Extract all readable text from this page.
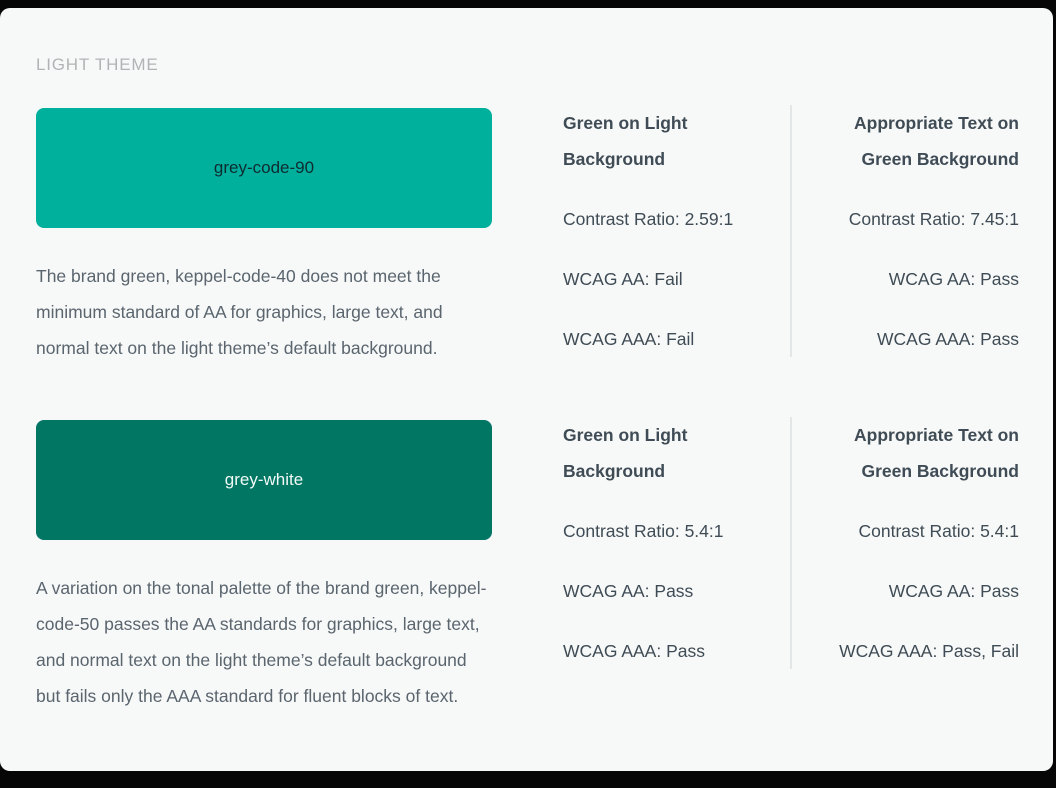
LIGHT THEME
grey-code-90

The brand green, keppel-code-40 does not meet the minimum standard of AA for graphics, large text, and normal text on the light theme’s default background.

Green on Light
Background

Contrast Ratio: 2.59:1

WCAG AA: Fail

WCAG AAA: Fail

Appropriate Text on
Green Background

Contrast Ratio: 7.45:1

WCAG AA: Pass

WCAG AAA: Pass

grey-white

A variation on the tonal palette of the brand green, keppel-code-50 passes the AA standards for graphics, large text, and normal text on the light theme’s default background but fails only the AAA standard for fluent blocks of text.

Green on Light
Background

Contrast Ratio: 5.4:1

WCAG AA: Pass

WCAG AAA: Pass

Appropriate Text on
Green Background

Contrast Ratio: 5.4:1

WCAG AA: Pass

WCAG AAA: Pass, Fail
